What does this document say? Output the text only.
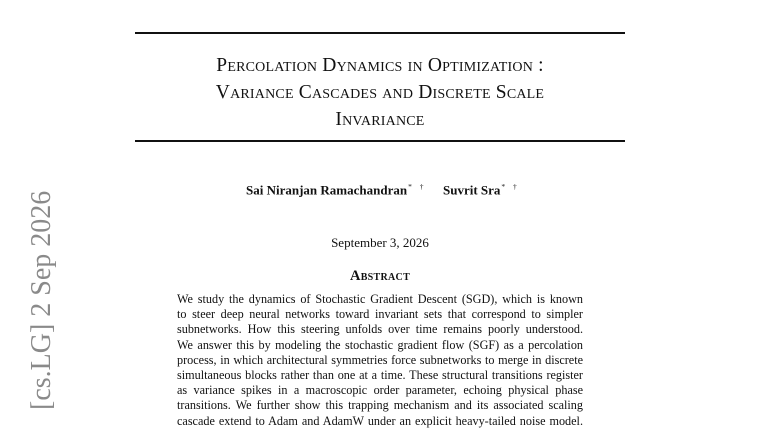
Percolation Dynamics in Optimization :
Variance Cascades and Discrete Scale
Invariance
Sai Niranjan Ramachandran* † Suvrit Sra* †
September 3, 2026
Abstract
We study the dynamics of Stochastic Gradient Descent (SGD), which is known
to steer deep neural networks toward invariant sets that correspond to simpler
subnetworks. How this steering unfolds over time remains poorly understood.
We answer this by modeling the stochastic gradient flow (SGF) as a percolation
process, in which architectural symmetries force subnetworks to merge in discrete
simultaneous blocks rather than one at a time. These structural transitions register
as variance spikes in a macroscopic order parameter, echoing physical phase
transitions. We further show this trapping mechanism and its associated scaling
cascade extend to Adam and AdamW under an explicit heavy-tailed noise model.
[cs.LG] 2 Sep 2026
